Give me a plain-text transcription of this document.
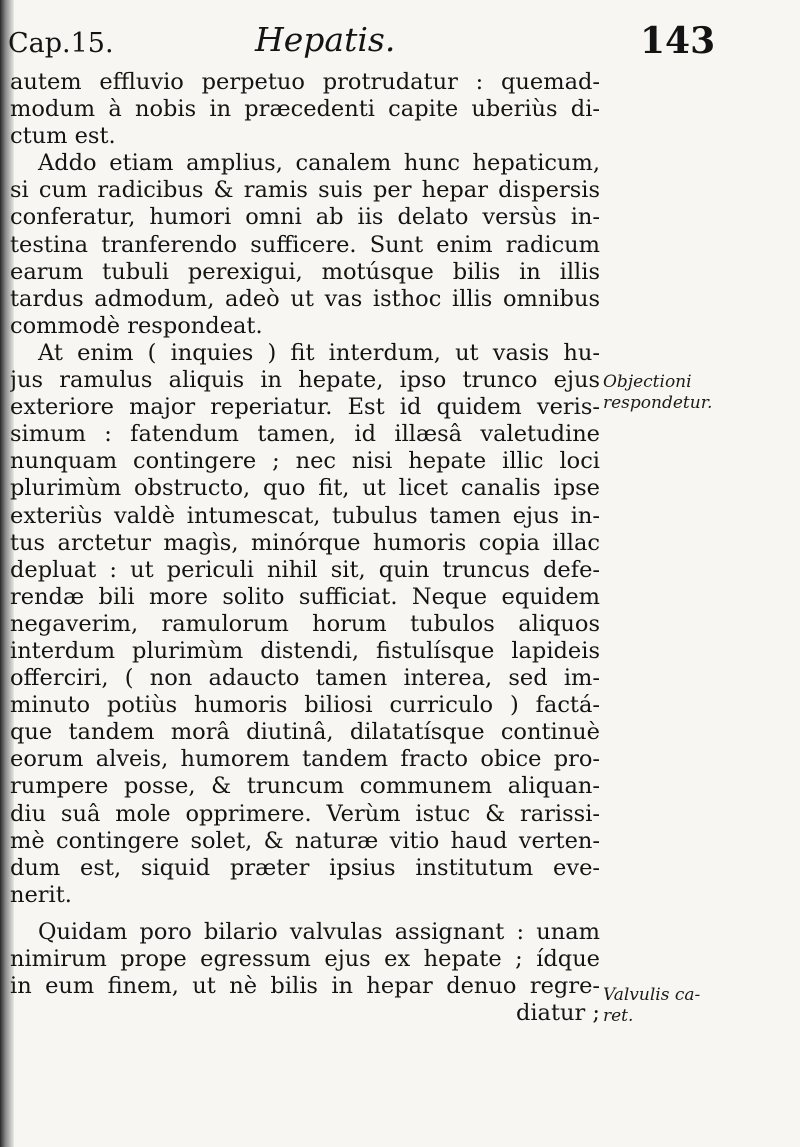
Cap.15.	Hepatis.	143
autem effluvio perpetuo protrudatur : quemad-
modum à nobis in præcedenti capite uberiùs di-
ctum est.
Addo etiam amplius, canalem hunc hepaticum,
si cum radicibus & ramis suis per hepar dispersis
conferatur, humori omni ab iis delato versùs in-
testina tranferendo sufficere. Sunt enim radicum
earum tubuli perexigui, motúsque bilis in illis
tardus admodum, adeò ut vas isthoc illis omnibus
commodè respondeat.
At enim ( inquies ) fit interdum, ut vasis hu-
jus ramulus aliquis in hepate, ipso trunco ejus
exteriore major reperiatur. Est id quidem veris-
simum : fatendum tamen, id illæsâ valetudine
nunquam contingere ; nec nisi hepate illic loci
plurimùm obstructo, quo fit, ut licet canalis ipse
exteriùs valdè intumescat, tubulus tamen ejus in-
tus arctetur magìs, minórque humoris copia illac
depluat : ut periculi nihil sit, quin truncus defe-
rendæ bili more solito sufficiat. Neque equidem
negaverim, ramulorum horum tubulos aliquos
interdum plurimùm distendi, fistulísque lapideis
offerciri, ( non adaucto tamen interea, sed im-
minuto potiùs humoris biliosi curriculo ) factá-
que tandem morâ diutinâ, dilatatísque continuè
eorum alveis, humorem tandem fracto obice pro-
rumpere posse, & truncum communem aliquan-
diu suâ mole opprimere. Verùm istuc & rarissi-
mè contingere solet, & naturæ vitio haud verten-
dum est, siquid præter ipsius institutum eve-
nerit.
Quidam poro bilario valvulas assignant : unam
nimirum prope egressum ejus ex hepate ; ídque
in eum finem, ut nè bilis in hepar denuo regre-
diatur ;
Objectioni respondetur.
Valvulis ca- ret.
